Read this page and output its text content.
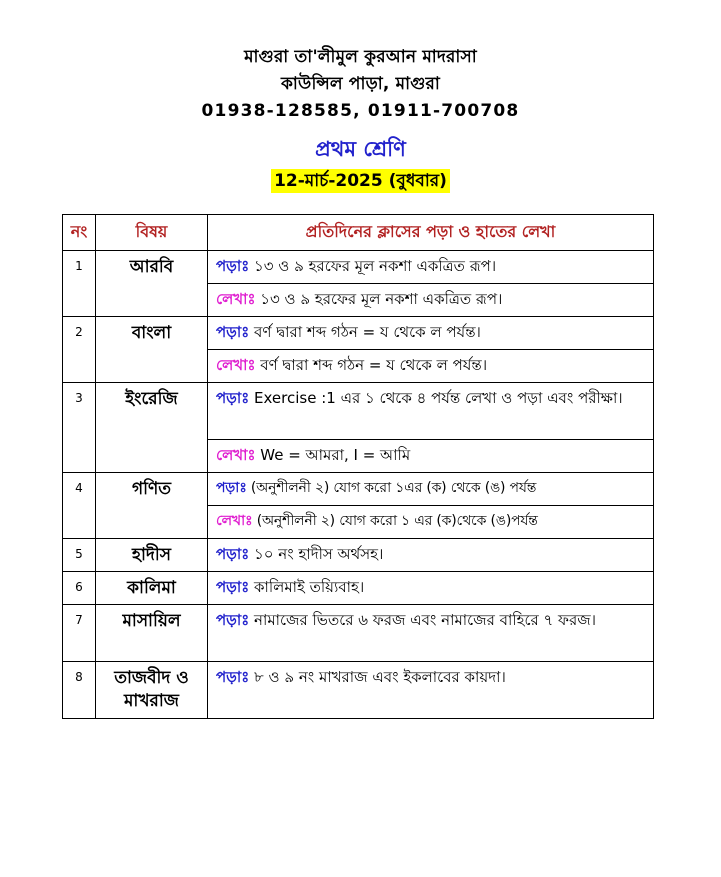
মাগুরা তা'লীমুল কুরআন মাদরাসা
কাউন্সিল পাড়া, মাগুরা
01938-128585, 01911-700708
প্রথম শ্রেণি
12-মার্চ-2025 (বুধবার)
নং	বিষয়	প্রতিদিনের ক্লাসের পড়া ও হাতের লেখা
1	আরবি	পড়াঃ ১৩ ও ৯ হরফের মূল নকশা একত্রিত রূপ।
		লেখাঃ ১৩ ও ৯ হরফের মূল নকশা একত্রিত রূপ।
2	বাংলা	পড়াঃ বর্ণ দ্বারা শব্দ গঠন = য থেকে ল পর্যন্ত।
		লেখাঃ বর্ণ দ্বারা শব্দ গঠন = য থেকে ল পর্যন্ত।
3	ইংরেজি	পড়াঃ Exercise :1 এর ১ থেকে ৪ পর্যন্ত লেখা ও পড়া এবং পরীক্ষা।
		লেখাঃ We = আমরা, I = আমি
4	গণিত	পড়াঃ (অনুশীলনী ২) যোগ করো ১এর (ক) থেকে (ঙ) পর্যন্ত
		লেখাঃ (অনুশীলনী ২) যোগ করো ১ এর (ক)থেকে (ঙ)পর্যন্ত
5	হাদীস	পড়াঃ ১০ নং হাদীস অর্থসহ।
6	কালিমা	পড়াঃ কালিমাই তয়্যিবাহ।
7	মাসায়িল	পড়াঃ নামাজের ভিতরে ৬ ফরজ এবং নামাজের বাহিরে ৭ ফরজ।
8	তাজবীদ ও মাখরাজ	পড়াঃ ৮ ও ৯ নং মাখরাজ এবং ইকলাবের কায়দা।
